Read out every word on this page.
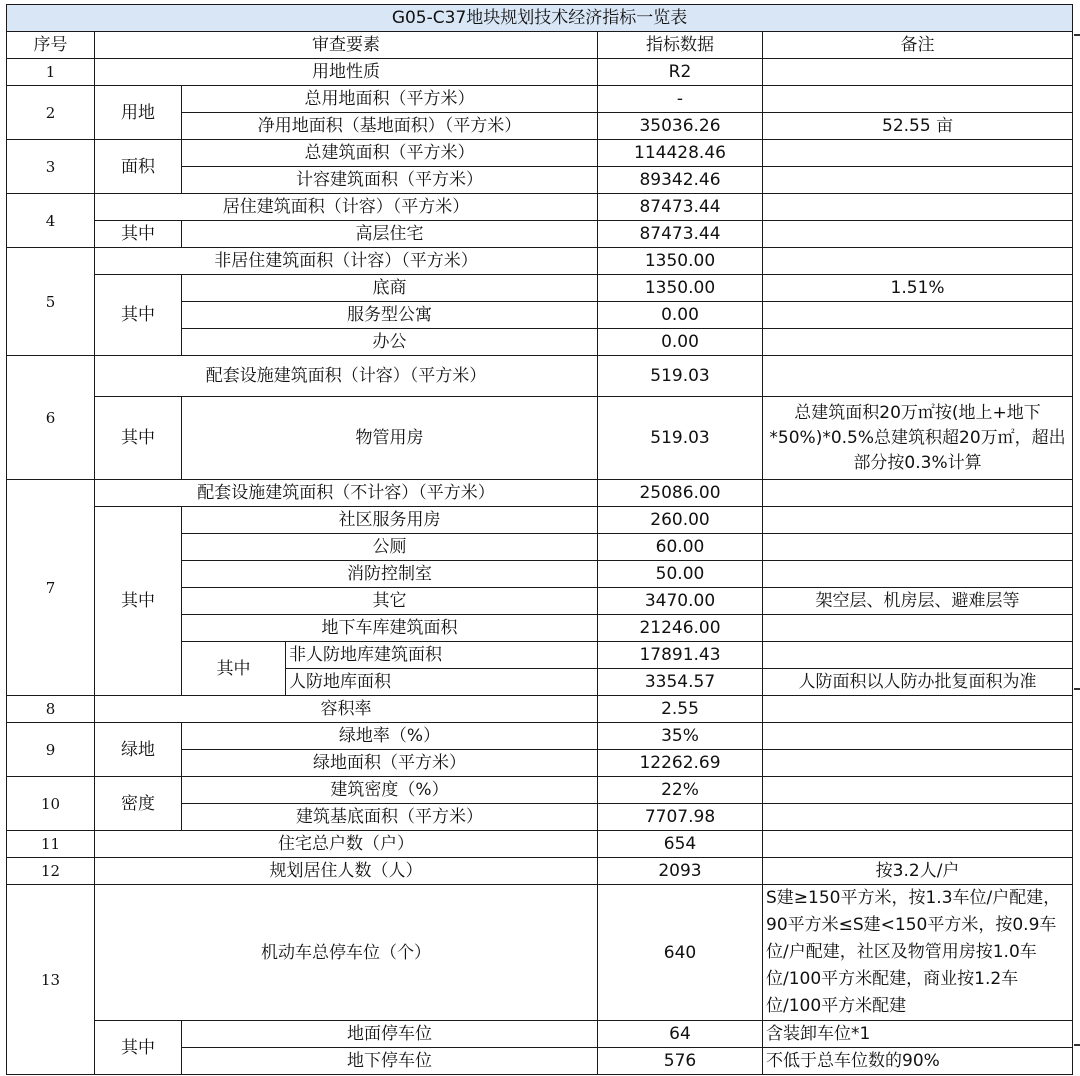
G05-C37地块规划技术经济指标一览表					
序号	审查要素			指标数据	备注
1	用地性质			R2	
2	用地	总用地面积（平方米）		-	
		净用地面积（基地面积）（平方米）		35036.26	52.55 亩
3	面积	总建筑面积（平方米）		114428.46	
		计容建筑面积（平方米）		89342.46	
4	居住建筑面积（计容）（平方米）			87473.44	
	其中	高层住宅		87473.44	
5	非居住建筑面积（计容）（平方米）			1350.00	
	其中	底商		1350.00	1.51%
		服务型公寓		0.00	
		办公		0.00	
6	配套设施建筑面积（计容）（平方米）			519.03	
	其中	物管用房		519.03	总建筑面积20万㎡按(地上+地下*50%)*0.5%总建筑积超20万㎡，超出部分按0.3%计算
7	配套设施建筑面积（不计容）（平方米）			25086.00	
	其中	社区服务用房		260.00	
		公厕		60.00	
		消防控制室		50.00	
		其它		3470.00	架空层、机房层、避难层等
		地下车库建筑面积		21246.00	
		其中	非人防地库建筑面积	17891.43	
			人防地库面积	3354.57	人防面积以人防办批复面积为准
8	容积率			2.55	
9	绿地	绿地率（%）		35%	
		绿地面积（平方米）		12262.69	
10	密度	建筑密度（%）		22%	
		建筑基底面积（平方米）		7707.98	
11	住宅总户数（户）			654	
12	规划居住人数（人）			2093	按3.2人/户
13	机动车总停车位（个）			640	S建≥150平方米，按1.3车位/户配建，90平方米≤S建<150平方米，按0.9车位/户配建，社区及物管用房按1.0车位/100平方米配建，商业按1.2车位/100平方米配建
	其中	地面停车位		64	含装卸车位*1
		地下停车位		576	不低于总车位数的90%
